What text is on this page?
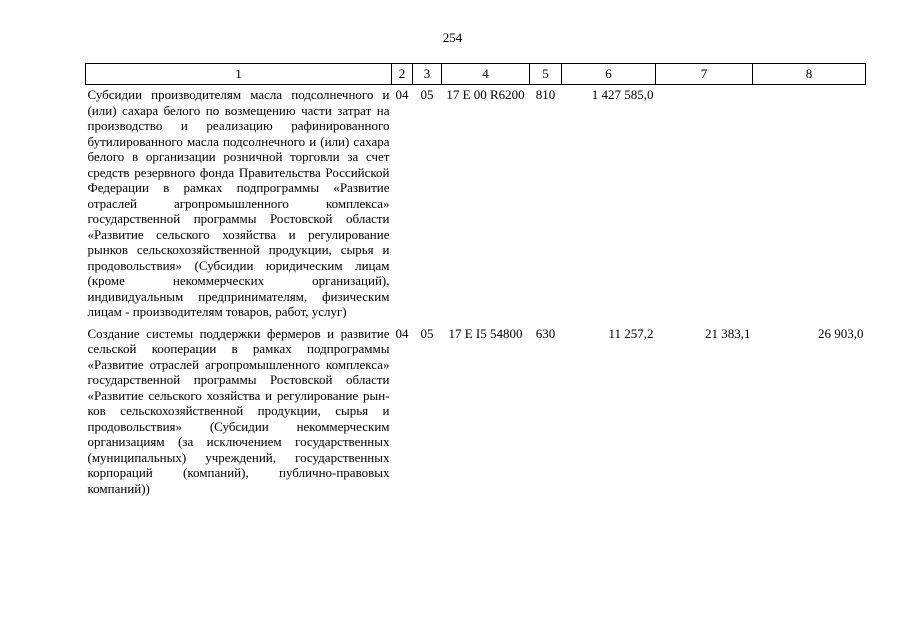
254
1	2	3	4	5	6	7	8
Субсидии производителям масла подсолнечного и (или) сахара белого по возмещению части затрат на производство и реализацию рафинированного бутилированного масла подсолнечного и (или) сахара белого в организации розничной торговли за счет средств резервного фонда Правительства Российской Федерации в рамках подпрограммы «Развитие отраслей агропромышленного комплекса» государственной программы Ростовской области «Развитие сельского хозяйства и регулирование рынков сельскохозяйственной продукции, сырья и продовольствия» (Субсидии юридическим лицам (кроме некоммерческих организаций), индивидуальным предпринимателям, физическим лицам - производителям товаров, работ, услуг)	04	05	17 E 00 R6200	810	1 427 585,0		
Создание системы поддержки фермеров и развитие сельской кооперации в рамках подпрограммы «Развитие отраслей агропромышленного комплекса» государственной программы Ростовской области «Развитие сельского хозяйства и регулирование рынков сельскохозяйственной продукции, сырья и продовольствия» (Субсидии некоммерческим организациям (за исключением государственных (муниципальных) учреждений, государственных корпораций (компаний), публично-правовых компаний))	04	05	17 E I5 54800	630	11 257,2	21 383,1	26 903,0
